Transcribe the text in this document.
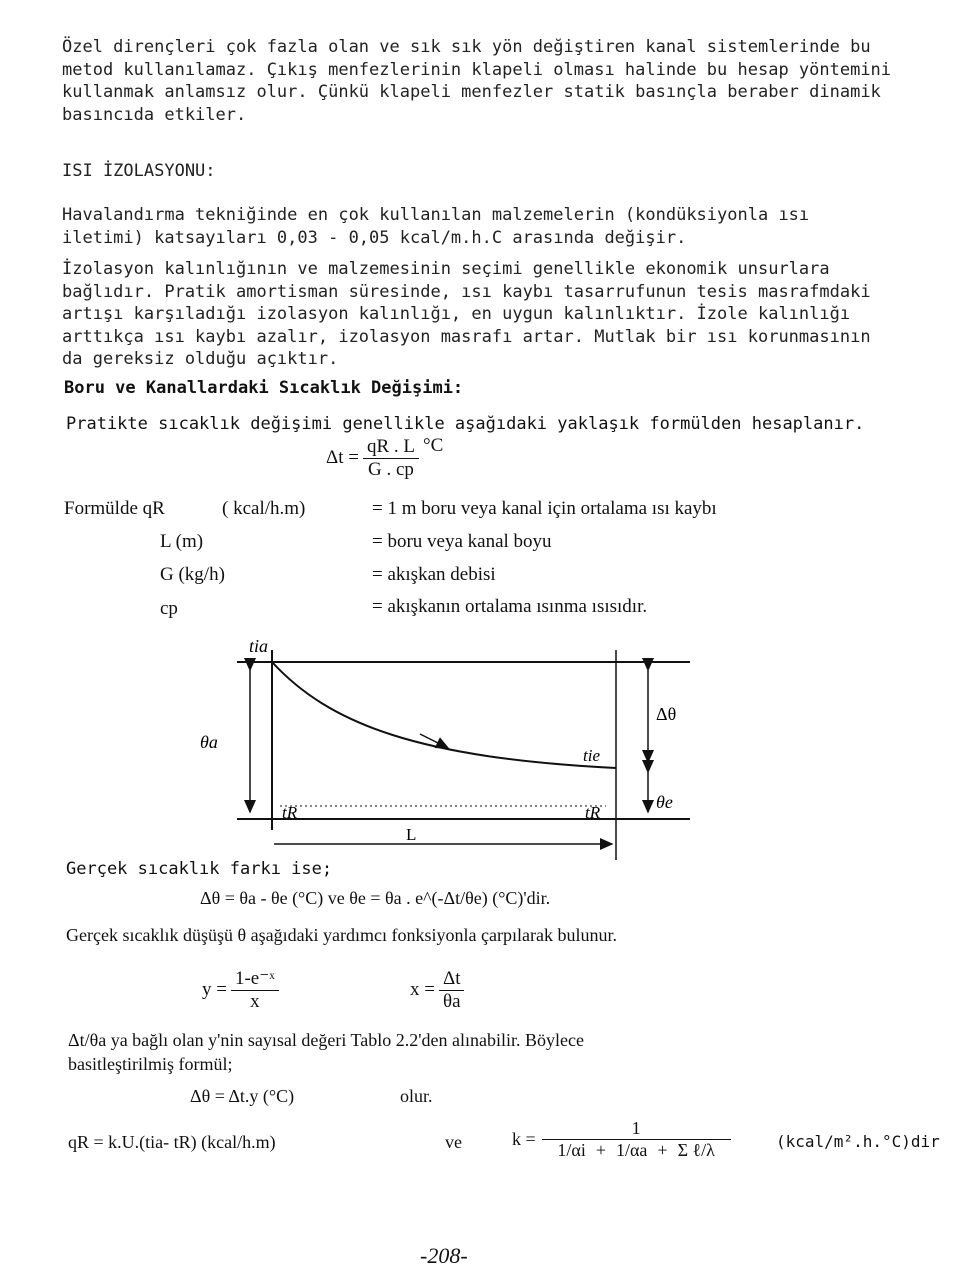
Özel dirençleri çok fazla olan ve sık sık yön değiştiren kanal sistemlerinde bu
metod kullanılamaz. Çıkış menfezlerinin klapeli olması halinde bu hesap yöntemini
kullanmak anlamsız olur. Çünkü klapeli menfezler statik basınçla beraber dinamik
basıncıda etkiler.
ISI İZOLASYONU:
Havalandırma tekniğinde en çok kullanılan malzemelerin (kondüksiyonla ısı
iletimi) katsayıları 0,03 - 0,05 kcal/m.h.C arasında değişir.
İzolasyon kalınlığının ve malzemesinin seçimi genellikle ekonomik unsurlara
bağlıdır. Pratik amortisman süresinde, ısı kaybı tasarrufunun tesis masrafmdaki
artışı karşıladığı izolasyon kalınlığı, en uygun kalınlıktır. İzole kalınlığı
arttıkça ısı kaybı azalır, izolasyon masrafı artar. Mutlak bir ısı korunmasının
da gereksiz olduğu açıktır.
Boru ve Kanallardaki Sıcaklık Değişimi:
Pratikte sıcaklık değişimi genellikle aşağıdaki yaklaşık formülden hesaplanır.
$\Delta t = \frac{qR . L}{G . cp} ^\circ C$
Formülde qR	( kcal/h.m)	= 1 m boru veya kanal için ortalama ısı kaybı
L (m)	= boru veya kanal boyu
G (kg/h)	= akışkan debisi
cp	= akışkanın ortalama ısınma ısısıdır.
tia
θa
Δθ
tie
tR	tR
θe
L
Gerçek sıcaklık farkı ise;
Δθ = θa - θe (°C) ve θe = θa . e^(-Δt/θe) (°C)'dir.
Gerçek sıcaklık düşüşü θ aşağıdaki yardımcı fonksiyonla çarpılarak bulunur.
$y = \frac{\text{1-e⁻ˣ}}{x}$	$x = \frac{\Delta t}{\theta a}$
Δt/θa ya bağlı olan y'nin sayısal değeri Tablo 2.2'den alınabilir. Böylece
basitleştirilmiş formül;
Δθ = Δt.y (°C)	olur.
qR = k.U.(tia- tR) (kcal/h.m)	ve	$k = \frac{1}{\text{1/αi + 1/αa + Σ ℓ/λ}}$	(kcal/m².h.°C)dir
-208-
